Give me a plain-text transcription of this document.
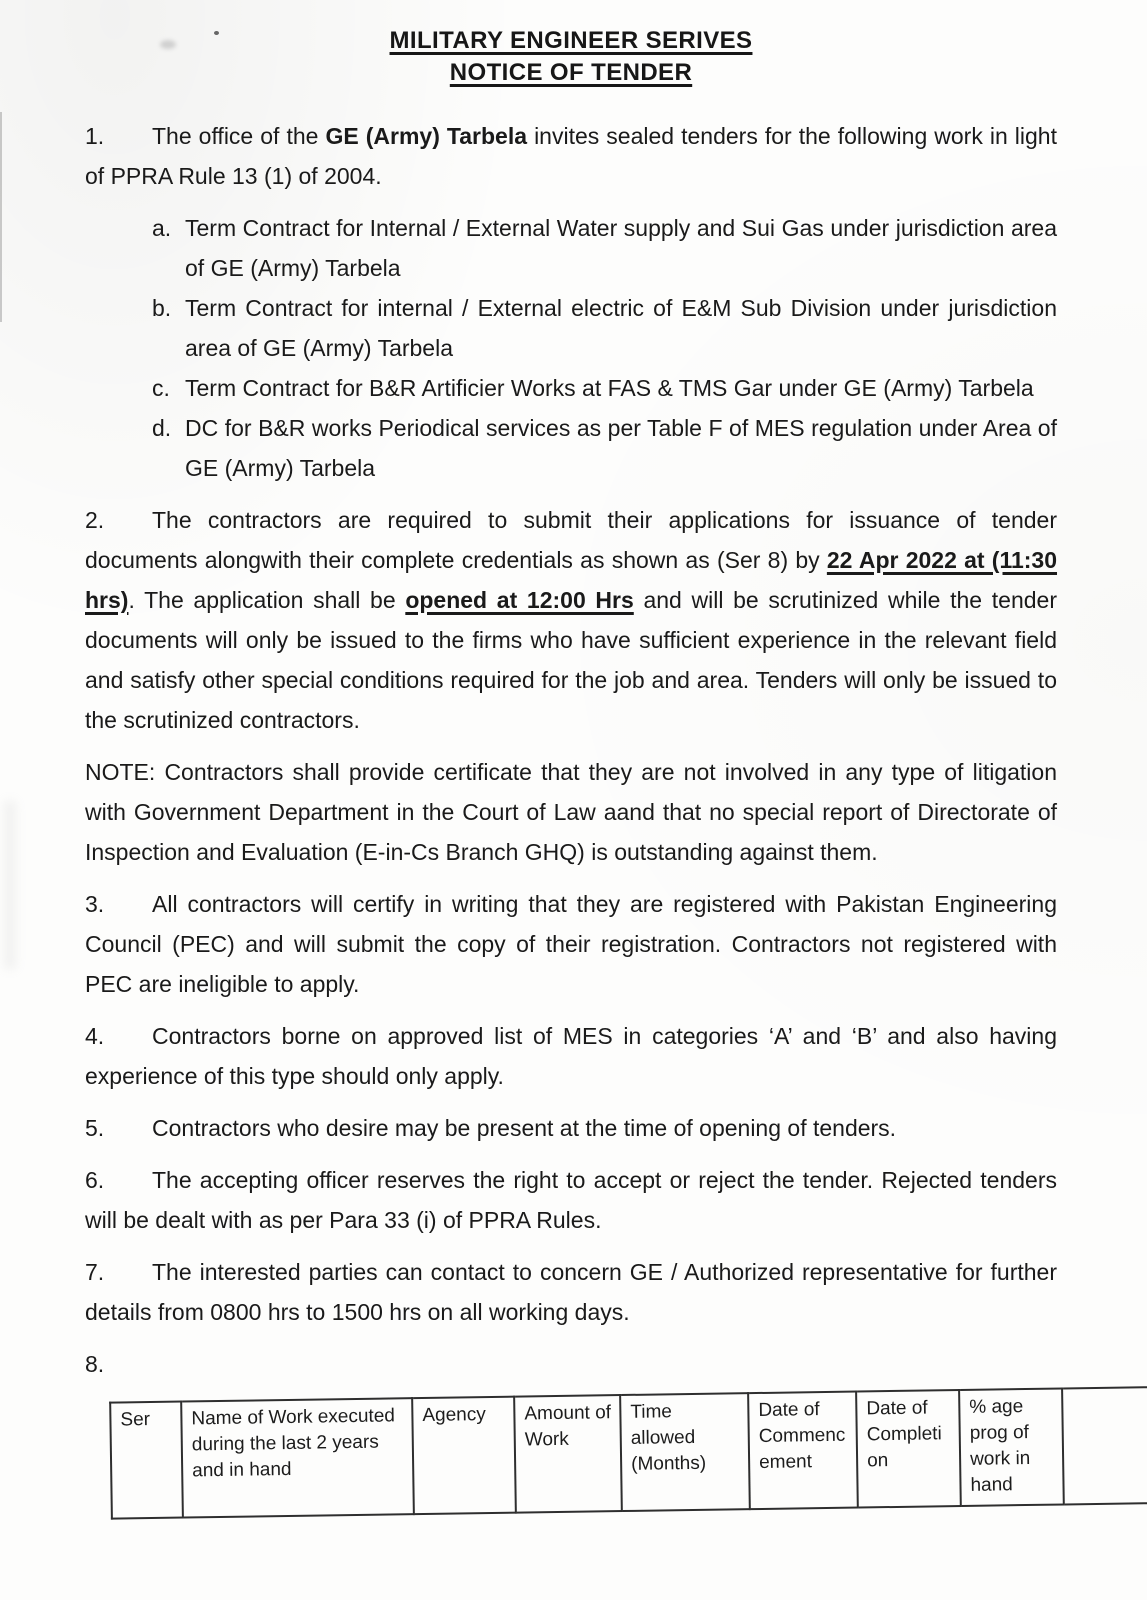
MILITARY ENGINEER SERIVES
NOTICE OF TENDER

1. The office of the GE (Army) Tarbela invites sealed tenders for the following work in light of PPRA Rule 13 (1) of 2004.

a. Term Contract for Internal / External Water supply and Sui Gas under jurisdiction area of GE (Army) Tarbela

b. Term Contract for internal / External electric of E&M Sub Division under jurisdiction area of GE (Army) Tarbela

c. Term Contract for B&R Artificier Works at FAS & TMS Gar under GE (Army) Tarbela

d. DC for B&R works Periodical services as per Table F of MES regulation under Area of GE (Army) Tarbela

2. The contractors are required to submit their applications for issuance of tender documents alongwith their complete credentials as shown as (Ser 8) by 22 Apr 2022 at (11:30 hrs). The application shall be opened at 12:00 Hrs and will be scrutinized while the tender documents will only be issued to the firms who have sufficient experience in the relevant field and satisfy other special conditions required for the job and area. Tenders will only be issued to the scrutinized contractors.

NOTE: Contractors shall provide certificate that they are not involved in any type of litigation with Government Department in the Court of Law aand that no special report of Directorate of Inspection and Evaluation (E-in-Cs Branch GHQ) is outstanding against them.

3. All contractors will certify in writing that they are registered with Pakistan Engineering Council (PEC) and will submit the copy of their registration. Contractors not registered with PEC are ineligible to apply.

4. Contractors borne on approved list of MES in categories ‘A’ and ‘B’ and also having experience of this type should only apply.

5. Contractors who desire may be present at the time of opening of tenders.

6. The accepting officer reserves the right to accept or reject the tender. Rejected tenders will be dealt with as per Para 33 (i) of PPRA Rules.

7. The interested parties can contact to concern GE / Authorized representative for further details from 0800 hrs to 1500 hrs on all working days.

8.

Ser	Name of Work executed during the last 2 years and in hand	Agency	Amount of Work	Time allowed (Months)	Date of Commencement	Date of Completion	% age prog of work in hand	
